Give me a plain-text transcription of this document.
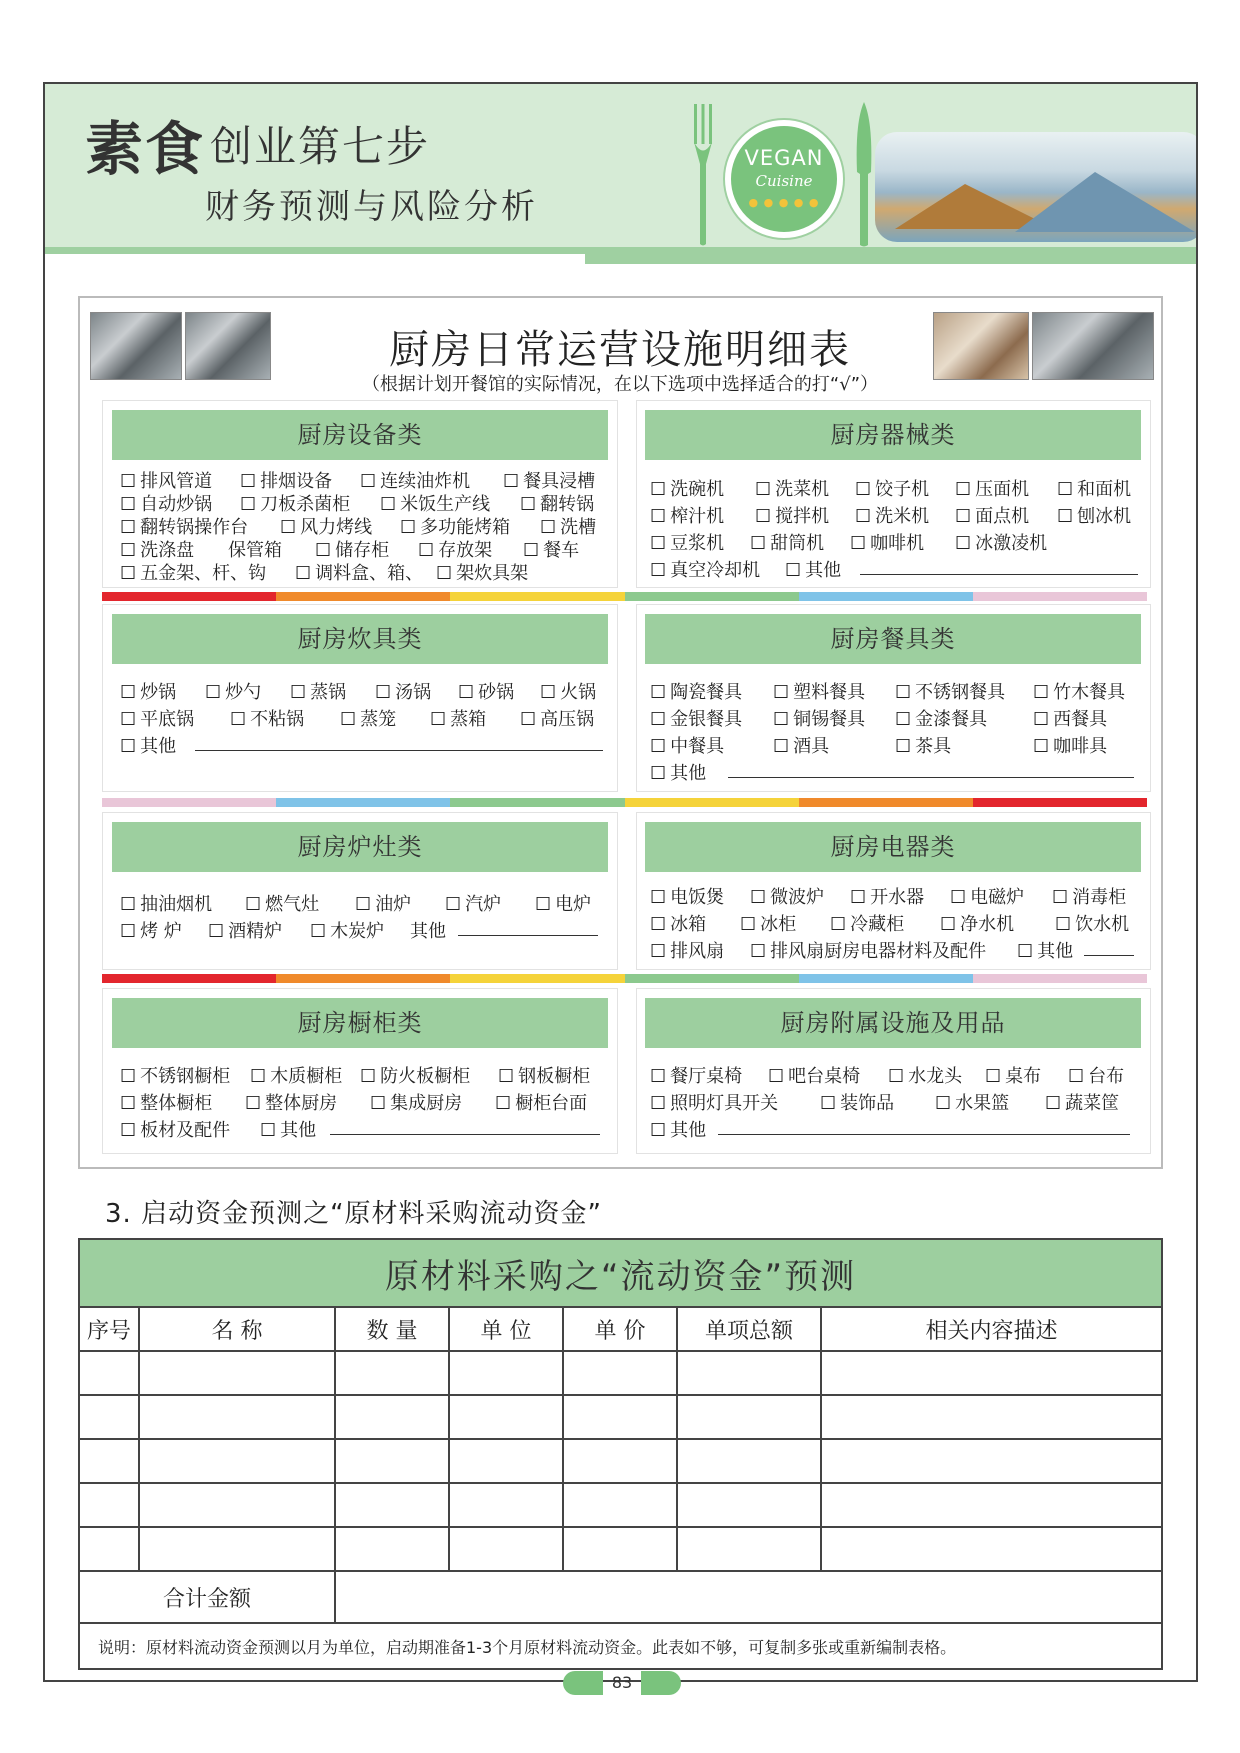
素食 创业第七步
财务预测与风险分析
VEGAN
Cuisine
● ● ● ● ●
厨房日常运营设施明细表
（根据计划开餐馆的实际情况，在以下选项中选择适合的打“√”）
厨房设备类
☐ 排风管道	☐ 排烟设备	☐ 连续油炸机	☐ 餐具浸槽
☐ 自动炒锅	☐ 刀板杀菌柜	☐ 米饭生产线	☐ 翻转锅
☐ 翻转锅操作台	☐ 风力烤线	☐ 多功能烤箱	☐ 洗槽
☐ 洗涤盘 保管箱	☐ 储存柜	☐ 存放架	☐ 餐车
☐ 五金架、杆、钩	☐ 调料盒、箱、	☐ 架炊具架
厨房器械类
☐ 洗碗机	☐ 洗菜机	☐ 饺子机	☐ 压面机	☐ 和面机
☐ 榨汁机	☐ 搅拌机	☐ 洗米机	☐ 面点机	☐ 刨冰机
☐ 豆浆机	☐ 甜筒机	☐ 咖啡机	☐ 冰激凌机
☐ 真空冷却机	☐ 其他
厨房炊具类
☐ 炒锅	☐ 炒勺	☐ 蒸锅	☐ 汤锅	☐ 砂锅	☐ 火锅
☐ 平底锅	☐ 不粘锅	☐ 蒸笼	☐ 蒸箱	☐ 高压锅
☐ 其他
厨房餐具类
☐ 陶瓷餐具	☐ 塑料餐具	☐ 不锈钢餐具	☐ 竹木餐具
☐ 金银餐具	☐ 铜锡餐具	☐ 金漆餐具	☐ 西餐具
☐ 中餐具	☐ 酒具	☐ 茶具	☐ 咖啡具
☐ 其他
厨房炉灶类
☐ 抽油烟机	☐ 燃气灶	☐ 油炉	☐ 汽炉	☐ 电炉
☐ 烤 炉	☐ 酒精炉	☐ 木炭炉 其他
厨房电器类
☐ 电饭煲	☐ 微波炉	☐ 开水器	☐ 电磁炉	☐ 消毒柜
☐ 冰箱	☐ 冰柜	☐ 冷藏柜	☐ 净水机	☐ 饮水机
☐ 排风扇	☐ 排风扇厨房电器材料及配件	☐ 其他
厨房橱柜类
☐ 不锈钢橱柜	☐ 木质橱柜	☐ 防火板橱柜	☐ 钢板橱柜
☐ 整体橱柜	☐ 整体厨房	☐ 集成厨房	☐ 橱柜台面
☐ 板材及配件	☐ 其他
厨房附属设施及用品
☐ 餐厅桌椅	☐ 吧台桌椅	☐ 水龙头	☐ 桌布	☐ 台布
☐ 照明灯具开关	☐ 装饰品	☐ 水果篮	☐ 蔬菜筐
☐ 其他
3. 启动资金预测之“原材料采购流动资金”
原材料采购之“流动资金”预测						
序号	名 称	数 量	单 位	单 价	单项总额	相关内容描述

合计金额						
说明：原材料流动资金预测以月为单位，启动期准备1-3个月原材料流动资金。此表如不够，可复制多张或重新编制表格。						
83
